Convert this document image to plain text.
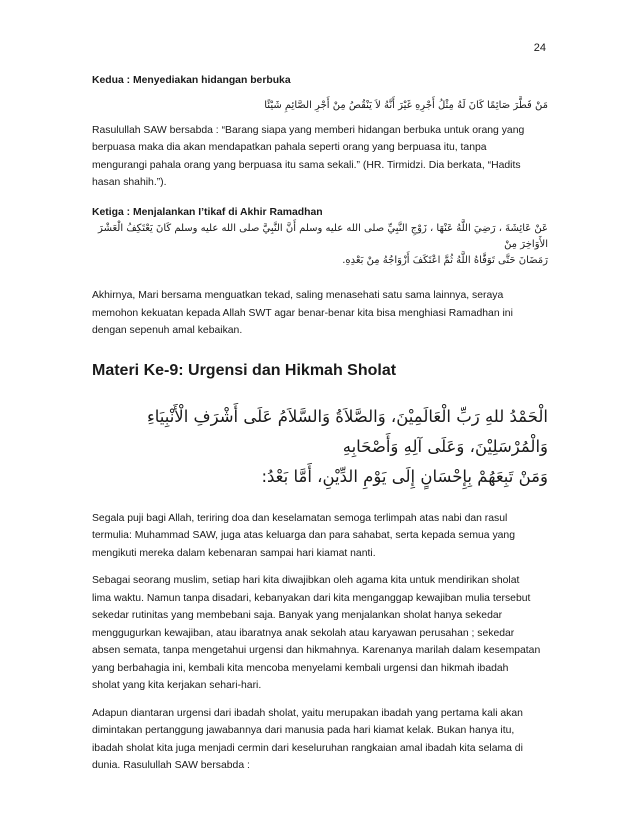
24

Kedua : Menyediakan hidangan berbuka

مَنْ فَطَّرَ صَائِمًا كَانَ لَهُ مِثْلُ أَجْرِهِ غَيْرَ أَنَّهُ لاَ يَنْقُصُ مِنْ أَجْرِ الصَّائِمِ شَيْئًا

Rasulullah SAW bersabda : “Barang siapa yang memberi hidangan berbuka untuk orang yang

berpuasa maka dia akan mendapatkan pahala seperti orang yang berpuasa itu, tanpa

mengurangi pahala orang yang berpuasa itu sama sekali.” (HR. Tirmidzi. Dia berkata, “Hadits

hasan shahih.”).

Ketiga : Menjalankan I’tikaf di Akhir Ramadhan

عَنْ عَائِشَةَ ، رَضِيَ اللَّهُ عَنْهَا ، زَوْجِ النَّبِيِّ صلى الله عليه وسلم أَنَّ النَّبِيَّ صلى الله عليه وسلم كَانَ يَعْتَكِفُ الْعَشْرَ الأَوَاخِرَ مِنْ

رَمَضَانَ حَتَّى تَوَفَّاهُ اللَّهُ ثُمَّ اعْتَكَفَ أَزْوَاجُهُ مِنْ بَعْدِهِ.

Akhirnya, Mari bersama menguatkan tekad, saling menasehati satu sama lainnya, seraya

memohon kekuatan kepada Allah SWT agar benar-benar kita bisa menghiasi Ramadhan ini

dengan sepenuh amal kebaikan.

Materi Ke-9: Urgensi dan Hikmah Sholat

الْحَمْدُ للهِ رَبِّ الْعَالَمِيْنَ، وَالصَّلاَةُ وَالسَّلاَمُ عَلَى أَشْرَفِ الْأَنْبِيَاءِ وَالْمُرْسَلِيْنَ، وَعَلَى آلِهِ وَأَصْحَابِهِ

وَمَنْ تَبِعَهُمْ بِإِحْسَانٍ إِلَى يَوْمِ الدِّيْنِ، أَمَّا بَعْدُ:

Segala puji bagi Allah, teriring doa dan keselamatan semoga terlimpah atas nabi dan rasul

termulia: Muhammad SAW, juga atas keluarga dan para sahabat, serta kepada semua yang

mengikuti mereka dalam kebenaran sampai hari kiamat nanti.

Sebagai seorang muslim, setiap hari kita diwajibkan oleh agama kita untuk mendirikan sholat

lima waktu. Namun tanpa disadari, kebanyakan dari kita menganggap kewajiban mulia tersebut

sekedar rutinitas yang membebani saja. Banyak yang menjalankan sholat hanya sekedar

menggugurkan kewajiban, atau ibaratnya anak sekolah atau karyawan perusahan ; sekedar

absen semata, tanpa mengetahui urgensi dan hikmahnya. Karenanya marilah dalam kesempatan

yang berbahagia ini, kembali kita mencoba menyelami kembali urgensi dan hikmah ibadah

sholat yang kita kerjakan sehari-hari.

Adapun diantaran urgensi dari ibadah sholat, yaitu merupakan ibadah yang pertama kali akan

dimintakan pertanggung jawabannya dari manusia pada hari kiamat kelak. Bukan hanya itu,

ibadah sholat kita juga menjadi cermin dari keseluruhan rangkaian amal ibadah kita selama di

dunia. Rasulullah SAW bersabda :
